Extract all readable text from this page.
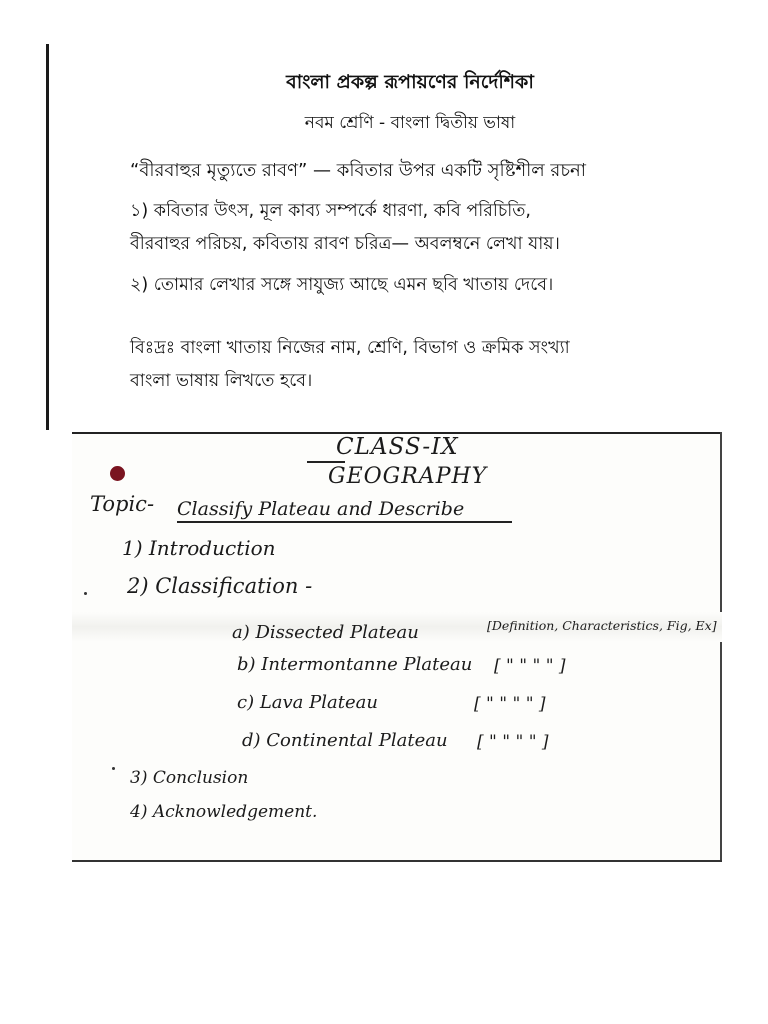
বাংলা প্রকল্প রূপায়ণের নির্দেশিকা

নবম শ্রেণি - বাংলা দ্বিতীয় ভাষা

“বীরবাহুর মৃত্যুতে রাবণ” — কবিতার উপর একটি সৃষ্টিশীল রচনা

১) কবিতার উৎস, মূল কাব্য সম্পর্কে ধারণা, কবি পরিচিতি,
বীরবাহুর পরিচয়, কবিতায় রাবণ চরিত্র— অবলম্বনে লেখা যায়।

২) তোমার লেখার সঙ্গে সাযুজ্য আছে এমন ছবি খাতায় দেবে।

বিঃদ্রঃ বাংলা খাতায় নিজের নাম, শ্রেণি, বিভাগ ও ক্রমিক সংখ্যা
বাংলা ভাষায় লিখতে হবে।

CLASS-IX
GEOGRAPHY
Topic- Classify Plateau and Describe
1) Introduction
2) Classification -
a) Dissected Plateau	[Definition, Characteristics, Fig, Ex]
b) Intermontanne Plateau [ " " " " ]
c) Lava Plateau	[ " " " " ]
d) Continental Plateau [ " " " " ]
3) Conclusion
4) Acknowledgement.
